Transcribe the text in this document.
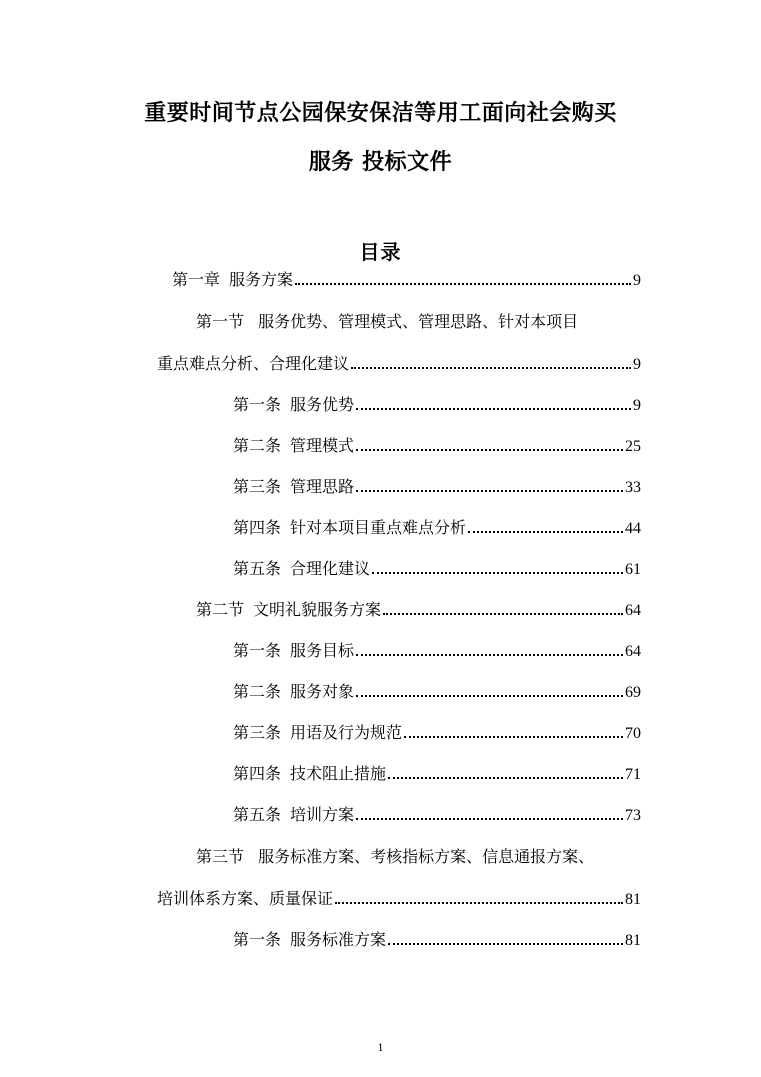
重要时间节点公园保安保洁等用工面向社会购买
服务 投标文件
目录
第一章 服务方案	9
第一节 服务优势、管理模式、管理思路、针对本项目
重点难点分析、合理化建议	9
第一条 服务优势	9
第二条 管理模式	25
第三条 管理思路	33
第四条 针对本项目重点难点分析	44
第五条 合理化建议	61
第二节 文明礼貌服务方案	64
第一条 服务目标	64
第二条 服务对象	69
第三条 用语及行为规范	70
第四条 技术阻止措施	71
第五条 培训方案	73
第三节 服务标准方案、考核指标方案、信息通报方案、
培训体系方案、质量保证	81
第一条 服务标准方案	81
1
